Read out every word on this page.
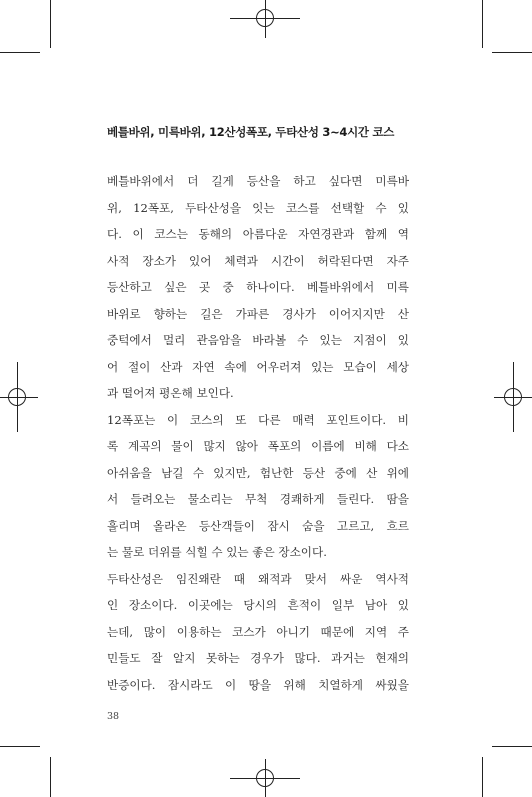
베틀바위, 미륵바위, 12산성폭포, 두타산성 3~4시간 코스
베틀바위에서 더 길게 등산을 하고 싶다면 미륵바
위, 12폭포, 두타산성을 잇는 코스를 선택할 수 있
다. 이 코스는 동해의 아름다운 자연경관과 함께 역
사적 장소가 있어 체력과 시간이 허락된다면 자주
등산하고 싶은 곳 중 하나이다. 베틀바위에서 미륵
바위로 향하는 길은 가파른 경사가 이어지지만 산
중턱에서 멀리 관음암을 바라볼 수 있는 지점이 있
어 절이 산과 자연 속에 어우러져 있는 모습이 세상
과 떨어져 평온해 보인다.
12폭포는 이 코스의 또 다른 매력 포인트이다. 비
록 계곡의 물이 많지 않아 폭포의 이름에 비해 다소
아쉬움을 남길 수 있지만, 험난한 등산 중에 산 위에
서 들려오는 물소리는 무척 경쾌하게 들린다. 땀을
흘리며 올라온 등산객들이 잠시 숨을 고르고, 흐르
는 물로 더위를 식힐 수 있는 좋은 장소이다.
두타산성은 임진왜란 때 왜적과 맞서 싸운 역사적
인 장소이다. 이곳에는 당시의 흔적이 일부 남아 있
는데, 많이 이용하는 코스가 아니기 때문에 지역 주
민들도 잘 알지 못하는 경우가 많다. 과거는 현재의
반증이다. 잠시라도 이 땅을 위해 치열하게 싸웠을
38
